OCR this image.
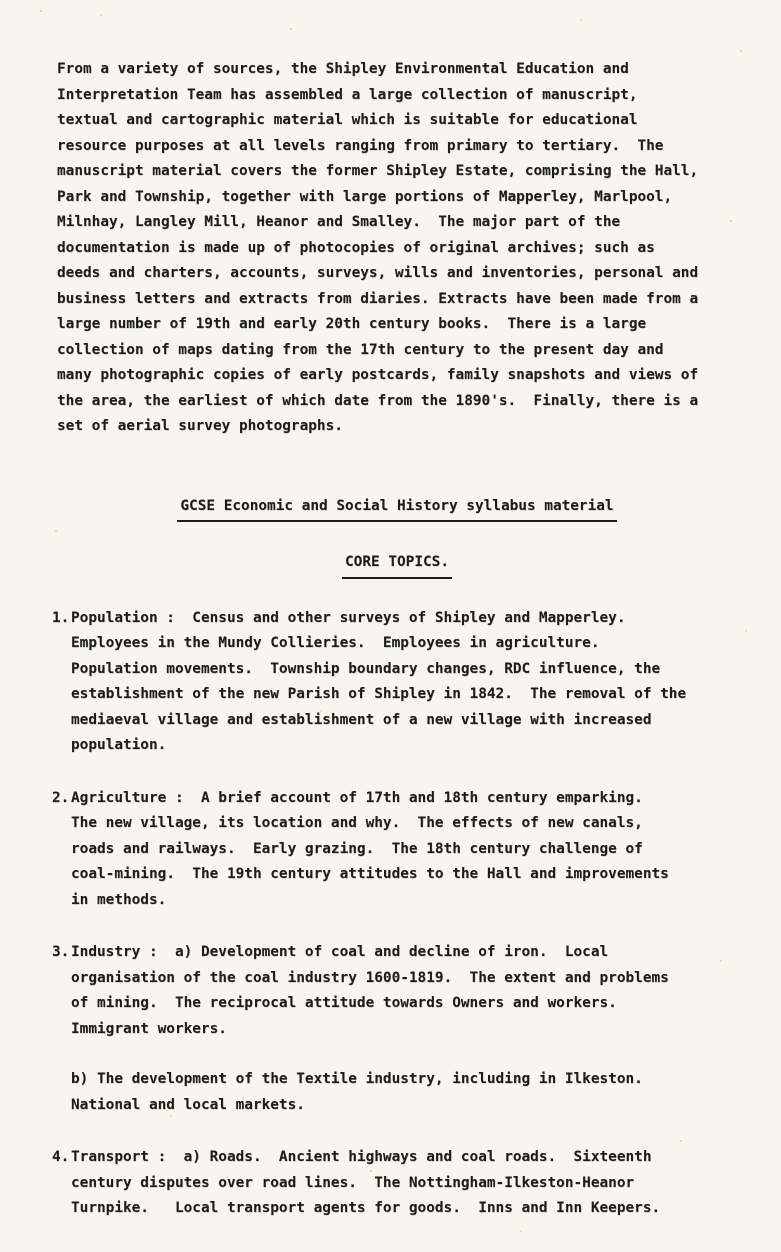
From a variety of sources, the Shipley Environmental Education and
Interpretation Team has assembled a large collection of manuscript,
textual and cartographic material which is suitable for educational
resource purposes at all levels ranging from primary to tertiary.  The
manuscript material covers the former Shipley Estate, comprising the Hall,
Park and Township, together with large portions of Mapperley, Marlpool,
Milnhay, Langley Mill, Heanor and Smalley.  The major part of the
documentation is made up of photocopies of original archives; such as
deeds and charters, accounts, surveys, wills and inventories, personal and
business letters and extracts from diaries. Extracts have been made from a
large number of 19th and early 20th century books.  There is a large
collection of maps dating from the 17th century to the present day and
many photographic copies of early postcards, family snapshots and views of
the area, the earliest of which date from the 1890's.  Finally, there is a
set of aerial survey photographs.
GCSE Economic and Social History syllabus material
CORE TOPICS.
1. Population :  Census and other surveys of Shipley and Mapperley.
Employees in the Mundy Collieries.  Employees in agriculture.
Population movements.  Township boundary changes, RDC influence, the
establishment of the new Parish of Shipley in 1842.  The removal of the
mediaeval village and establishment of a new village with increased
population.
2. Agriculture :  A brief account of 17th and 18th century emparking.
The new village, its location and why.  The effects of new canals,
roads and railways.  Early grazing.  The 18th century challenge of
coal-mining.  The 19th century attitudes to the Hall and improvements
in methods.
3. Industry :  a) Development of coal and decline of iron.  Local
organisation of the coal industry 1600-1819.  The extent and problems
of mining.  The reciprocal attitude towards Owners and workers.
Immigrant workers.
b) The development of the Textile industry, including in Ilkeston.
National and local markets.
4. Transport :  a) Roads.  Ancient highways and coal roads.  Sixteenth
century disputes over road lines.  The Nottingham-Ilkeston-Heanor
Turnpike.   Local transport agents for goods.  Inns and Inn Keepers.
